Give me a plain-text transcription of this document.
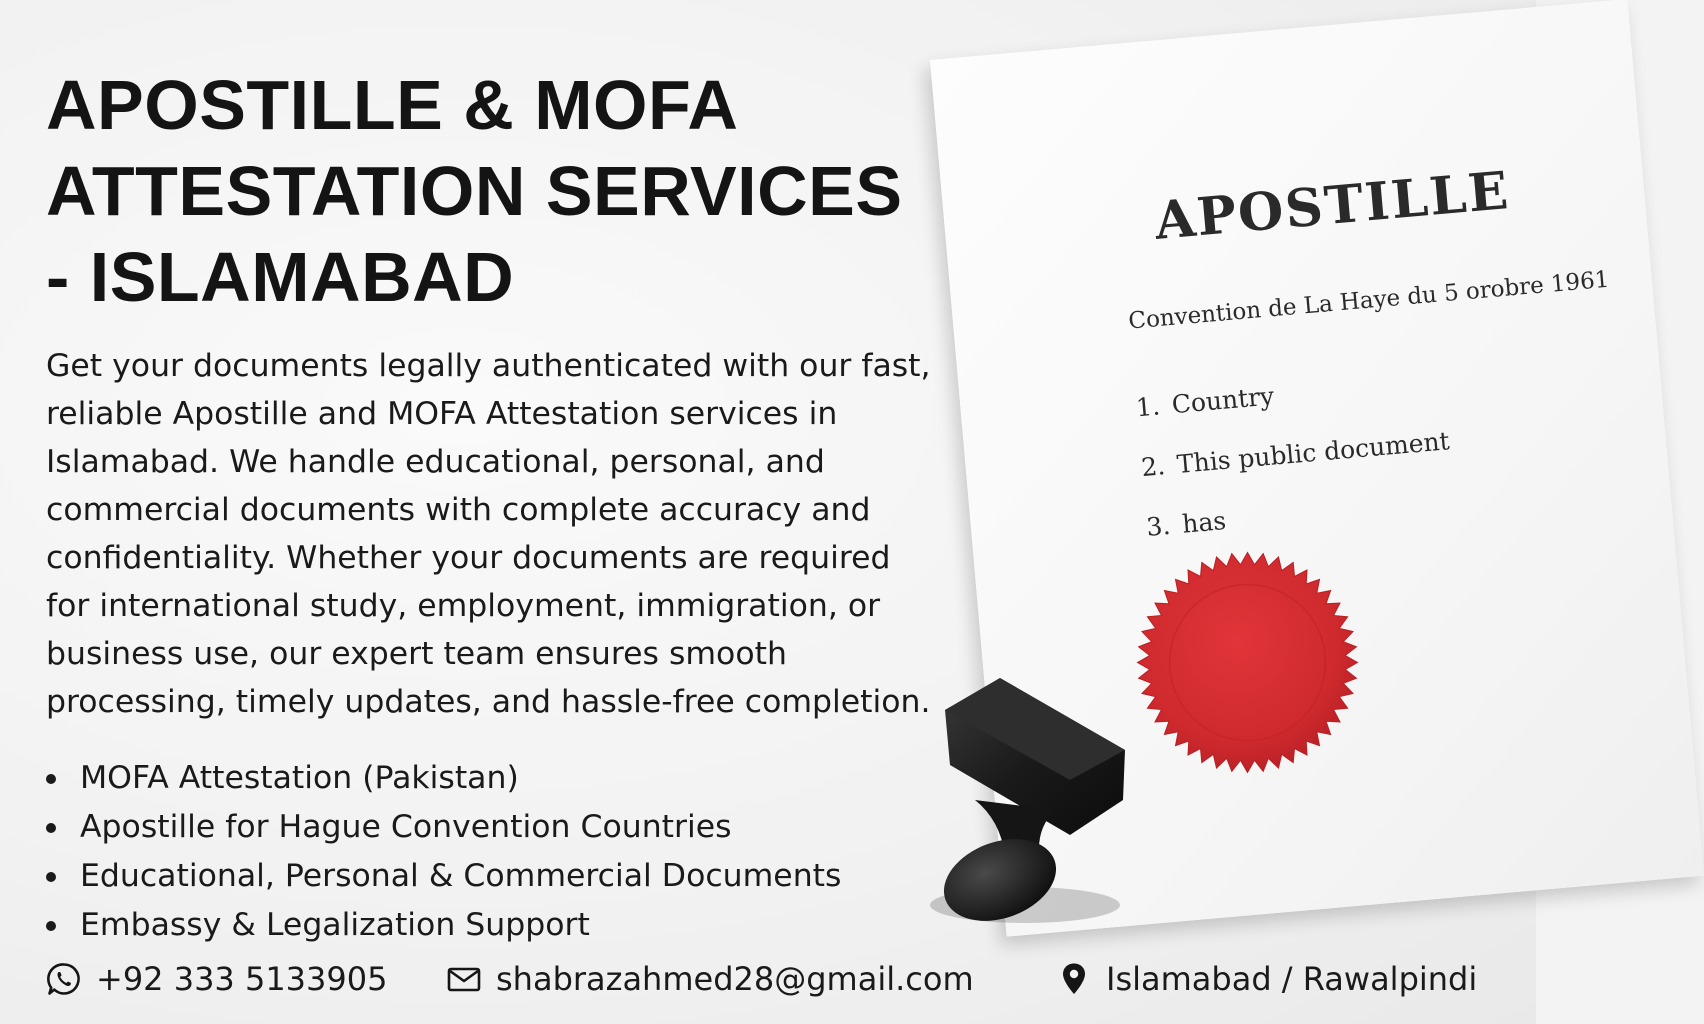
APOSTILLE
Convention de La Haye du 5 orobre 1961
1. Country
2. This public document
3. has
APOSTILLE & MOFA
ATTESTATION SERVICES
- ISLAMABAD
Get your documents legally authenticated with our fast,
reliable Apostille and MOFA Attestation services in
Islamabad. We handle educational, personal, and
commercial documents with complete accuracy and
confidentiality. Whether your documents are required
for international study, employment, immigration, or
business use, our expert team ensures smooth
processing, timely updates, and hassle-free completion.
MOFA Attestation (Pakistan)
Apostille for Hague Convention Countries
Educational, Personal & Commercial Documents
Embassy & Legalization Support
+92 333 5133905	shabrazahmed28@gmail.com	Islamabad / Rawalpindi
